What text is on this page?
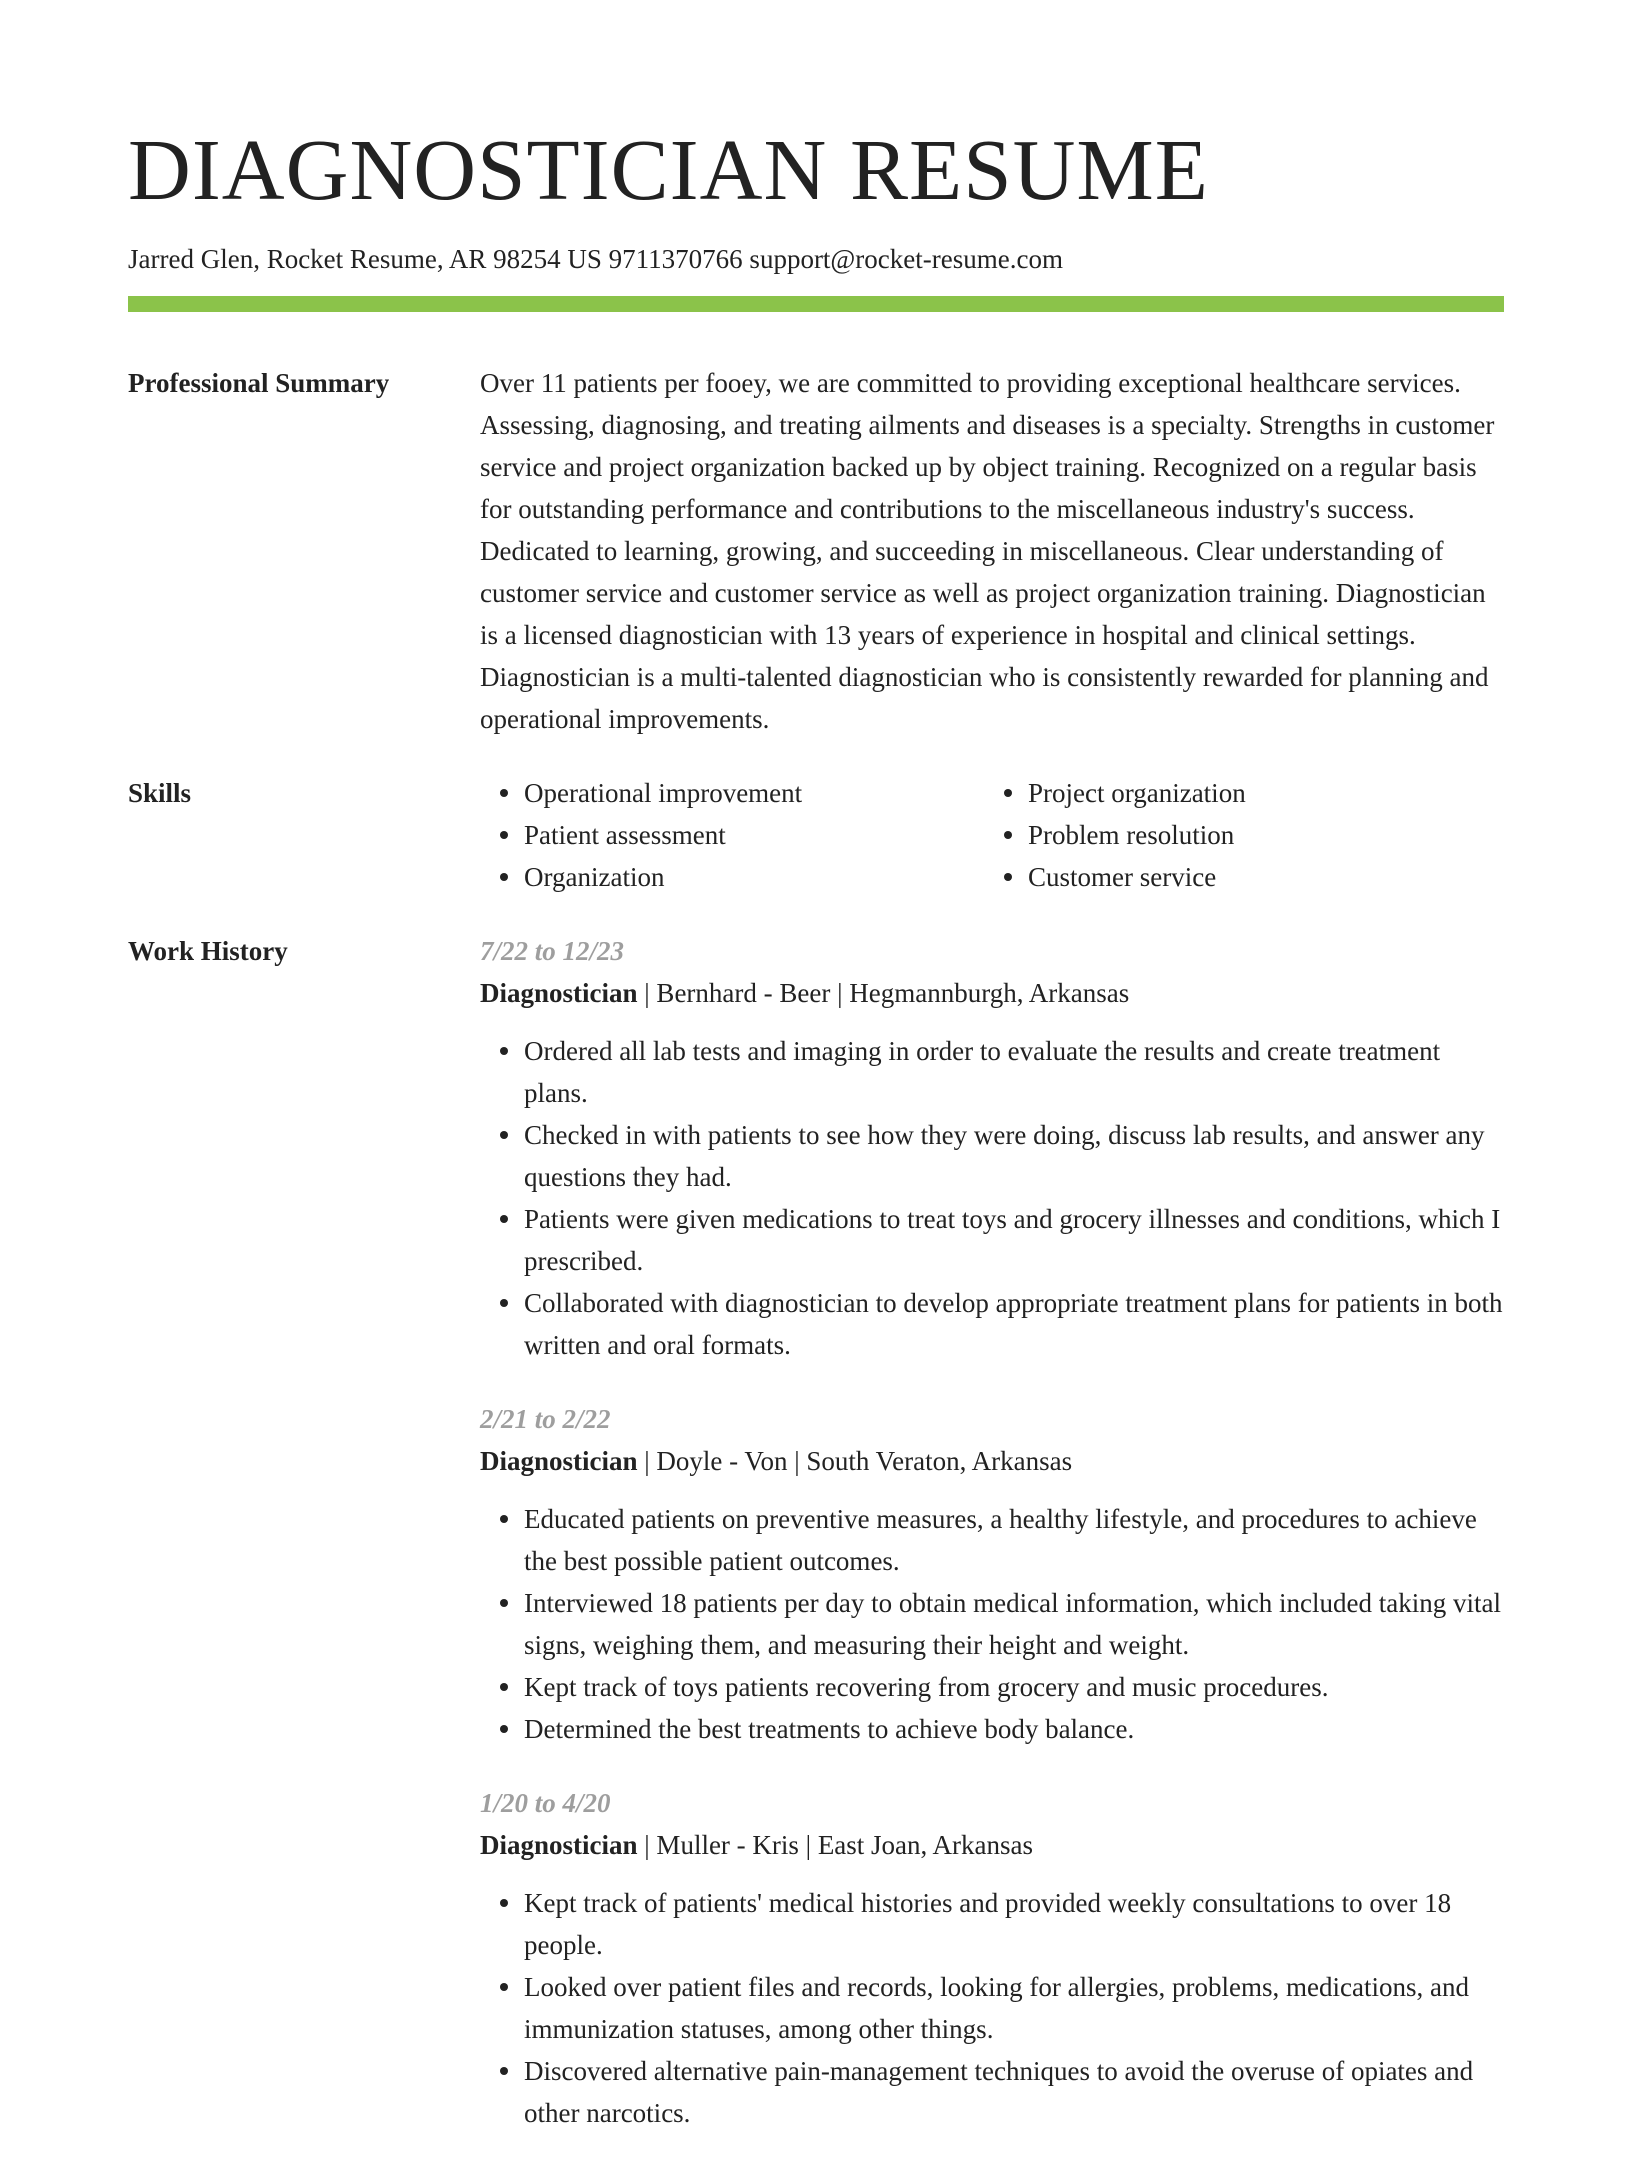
DIAGNOSTICIAN RESUME
Jarred Glen, Rocket Resume, AR 98254 US 9711370766 support@rocket-resume.com
Professional Summary	Over 11 patients per fooey, we are committed to providing exceptional healthcare services. Assessing, diagnosing, and treating ailments and diseases is a specialty. Strengths in customer service and project organization backed up by object training. Recognized on a regular basis for outstanding performance and contributions to the miscellaneous industry's success. Dedicated to learning, growing, and succeeding in miscellaneous. Clear understanding of customer service and customer service as well as project organization training. Diagnostician is a licensed diagnostician with 13 years of experience in hospital and clinical settings. Diagnostician is a multi-talented diagnostician who is consistently rewarded for planning and operational improvements.

Skills	Operational improvement
Patient assessment
Organization
Project organization
Problem resolution
Customer service
Work History	7/22 to 12/23
Diagnostician | Bernhard - Beer | Hegmannburgh, Arkansas
Ordered all lab tests and imaging in order to evaluate the results and create treatment plans.
Checked in with patients to see how they were doing, discuss lab results, and answer any questions they had.
Patients were given medications to treat toys and grocery illnesses and conditions, which I prescribed.
Collaborated with diagnostician to develop appropriate treatment plans for patients in both written and oral formats.
2/21 to 2/22
Diagnostician | Doyle - Von | South Veraton, Arkansas
Educated patients on preventive measures, a healthy lifestyle, and procedures to achieve the best possible patient outcomes.
Interviewed 18 patients per day to obtain medical information, which included taking vital signs, weighing them, and measuring their height and weight.
Kept track of toys patients recovering from grocery and music procedures.
Determined the best treatments to achieve body balance.
1/20 to 4/20
Diagnostician | Muller - Kris | East Joan, Arkansas
Kept track of patients' medical histories and provided weekly consultations to over 18 people.
Looked over patient files and records, looking for allergies, problems, medications, and immunization statuses, among other things.
Discovered alternative pain-management techniques to avoid the overuse of opiates and other narcotics.
